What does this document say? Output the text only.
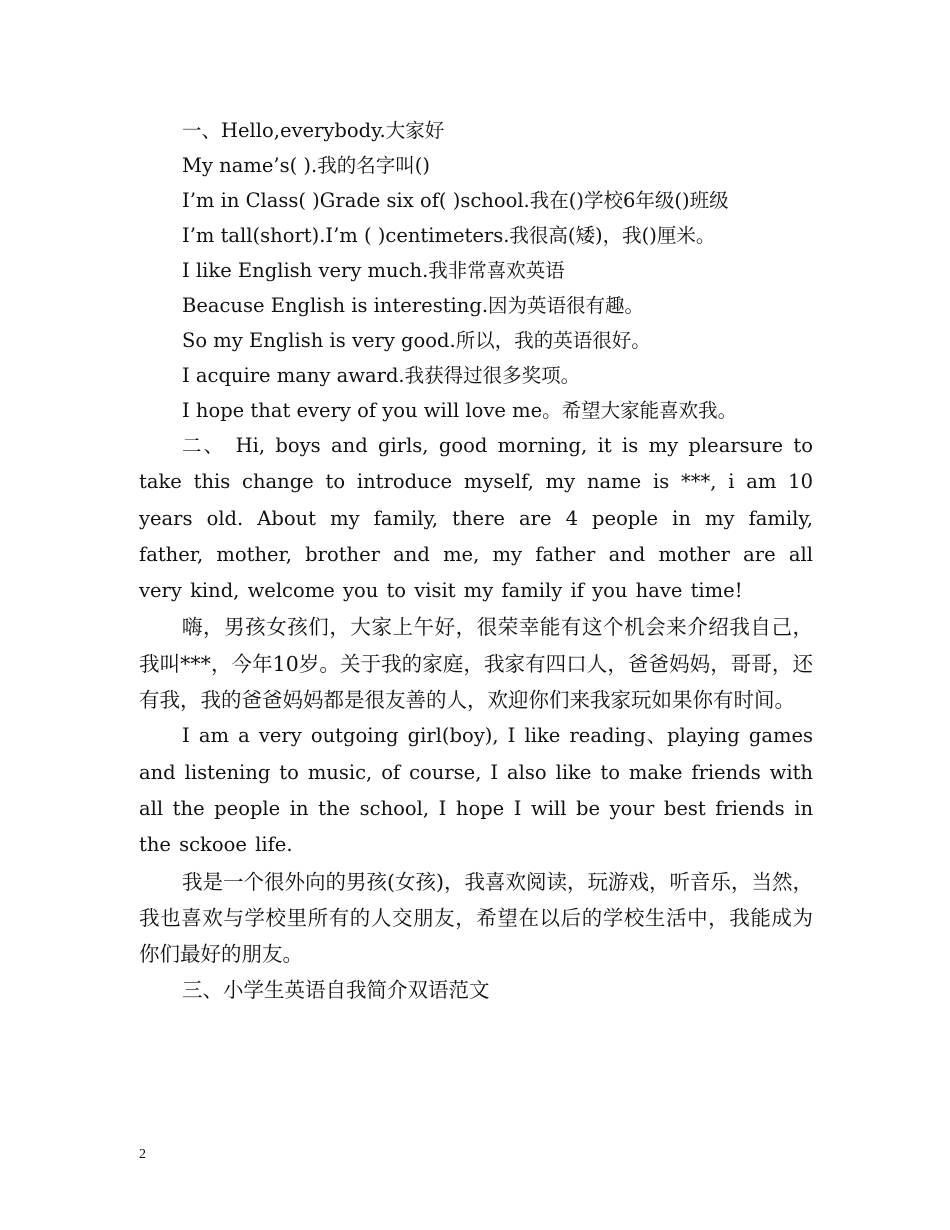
一、Hello,everybody.大家好
My name’s( ).我的名字叫()
I’m in Class( )Grade six of( )school.我在()学校6年级()班级
I’m tall(short).I’m ( )centimeters.我很高(矮)，我()厘米。
I like English very much.我非常喜欢英语
Beacuse English is interesting.因为英语很有趣。
So my English is very good.所以，我的英语很好。
I acquire many award.我获得过很多奖项。
I hope that every of you will love me。希望大家能喜欢我。
二、 Hi, boys and girls, good morning, it is my plearsure to take this change to introduce myself, my name is ***, i am 10 years old. About my family, there are 4 people in my family, father, mother, brother and me, my father and mother are all very kind, welcome you to visit my family if you have time!
嗨，男孩女孩们，大家上午好，很荣幸能有这个机会来介绍我自己，我叫***，今年10岁。关于我的家庭，我家有四口人，爸爸妈妈，哥哥，还有我，我的爸爸妈妈都是很友善的人，欢迎你们来我家玩如果你有时间。
I am a very outgoing girl(boy), I like reading、playing games and listening to music, of course, I also like to make friends with all the people in the school, I hope I will be your best friends in the sckooe life.
我是一个很外向的男孩(女孩)，我喜欢阅读，玩游戏，听音乐，当然，我也喜欢与学校里所有的人交朋友，希望在以后的学校生活中，我能成为你们最好的朋友。
三、小学生英语自我简介双语范文
2
